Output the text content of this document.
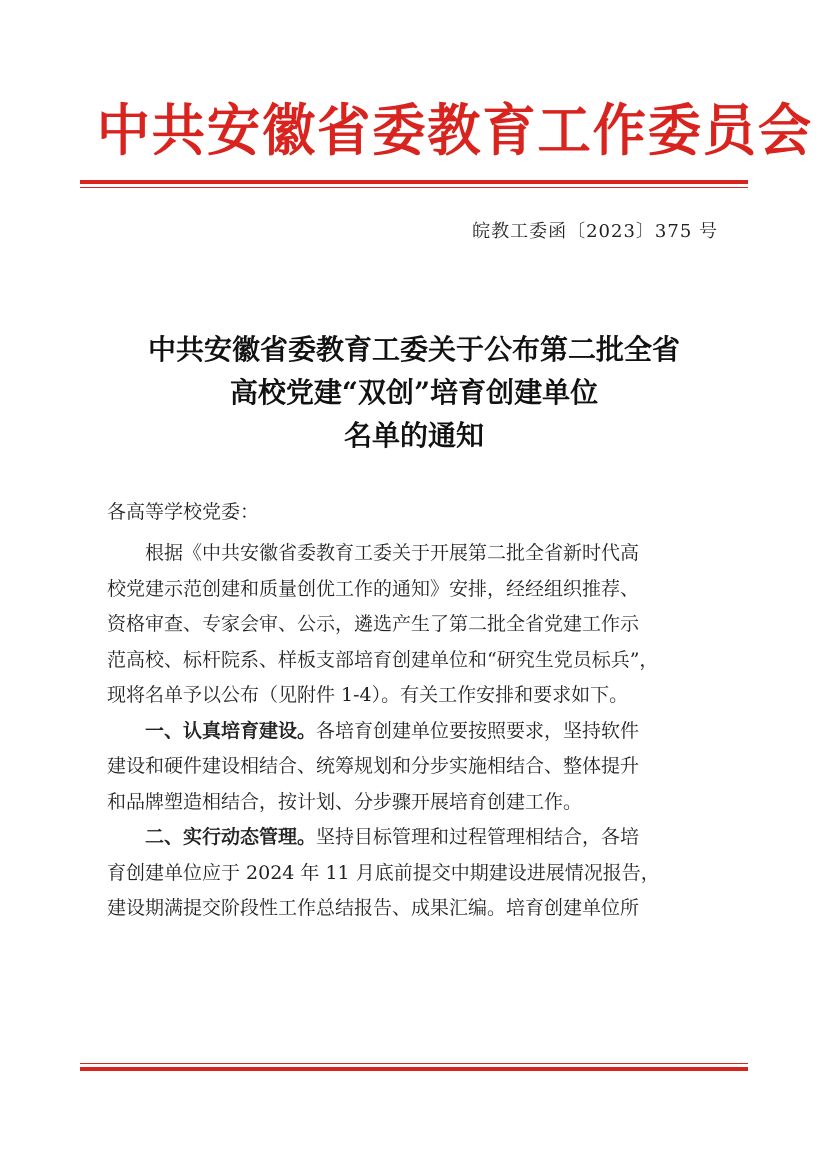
中共安徽省委教育工作委员会
皖教工委函〔2023〕375 号
中共安徽省委教育工委关于公布第二批全省
高校党建“双创”培育创建单位
名单的通知
各高等学校党委：

根据《中共安徽省委教育工委关于开展第二批全省新时代高
校党建示范创建和质量创优工作的通知》安排，经经组织推荐、
资格审查、专家会审、公示，遴选产生了第二批全省党建工作示
范高校、标杆院系、样板支部培育创建单位和“研究生党员标兵”，
现将名单予以公布（见附件 1-4）。有关工作安排和要求如下。

一、认真培育建设。各培育创建单位要按照要求，坚持软件
建设和硬件建设相结合、统筹规划和分步实施相结合、整体提升
和品牌塑造相结合，按计划、分步骤开展培育创建工作。

二、实行动态管理。坚持目标管理和过程管理相结合，各培
育创建单位应于 2024 年 11 月底前提交中期建设进展情况报告，
建设期满提交阶段性工作总结报告、成果汇编。培育创建单位所
